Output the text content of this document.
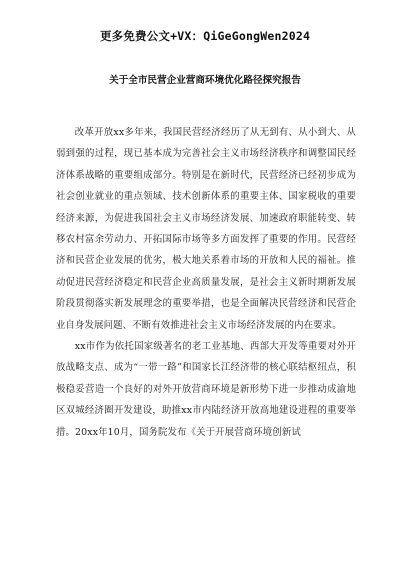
更多免费公文+VX：QiGeGongWen2024
关于全市民营企业营商环境优化路径探究报告

改革开放xx多年来，我国民营经济经历了从无到有、从小到大、从弱到强的过程，现已基本成为完善社会主义市场经济秩序和调整国民经济体系战略的重要组成部分。特别是在新时代，民营经济已经初步成为社会创业就业的重点领域、技术创新体系的重要主体、国家税收的重要经济来源，为促进我国社会主义市场经济发展、加速政府职能转变、转移农村富余劳动力、开拓国际市场等多方面发挥了重要的作用。民营经济和民营企业发展的优劣，极大地关系着市场的开放和人民的福祉。推动促进民营经济稳定和民营企业高质量发展，是社会主义新时期新发展阶段贯彻落实新发展理念的重要举措，也是全面解决民营经济和民营企业自身发展问题、不断有效推进社会主义市场经济发展的内在要求。

xx市作为依托国家级著名的老工业基地、西部大开发等重要对外开放战略支点、成为“一带一路”和国家长江经济带的核心联结枢纽点，积极稳妥营造一个良好的对外开放营商环境是新形势下进一步推动成渝地区双城经济圈开发建设，助推xx市内陆经济开放高地建设进程的重要举措。20xx年10月，国务院发布《关于开展营商环境创新试
